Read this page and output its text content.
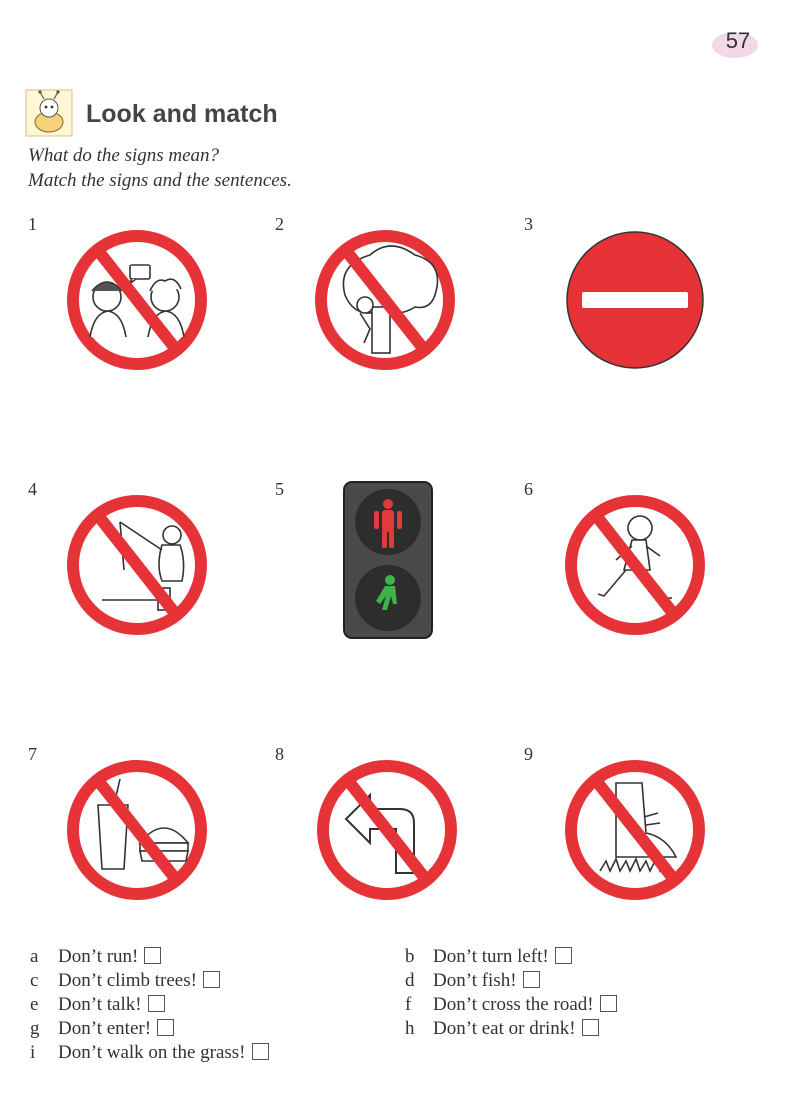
57
Look and match
What do the signs mean?
Match the signs and the sentences.
1	2	3
4	5	6
7	8	9
a Don’t run!	b Don’t turn left!
c Don’t climb trees!	d Don’t fish!
e Don’t talk!	f Don’t cross the road!
g Don’t enter!	h Don’t eat or drink!
i Don’t walk on the grass!
